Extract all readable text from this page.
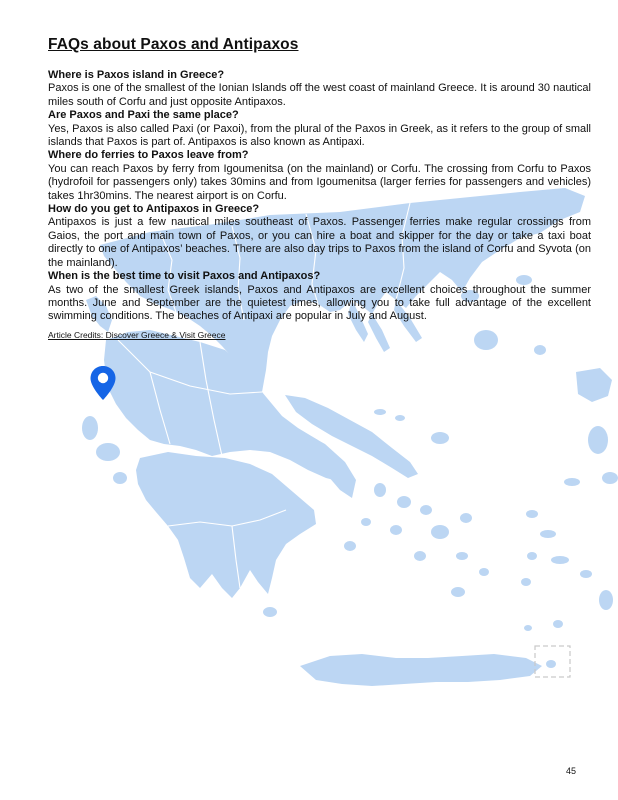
FAQs about Paxos and Antipaxos

Where is Paxos island in Greece?

Paxos is one of the smallest of the Ionian Islands off the west coast of mainland Greece. It is around 30 nautical miles south of Corfu and just opposite Antipaxos.

Are Paxos and Paxi the same place?

Yes, Paxos is also called Paxi (or Paxoi), from the plural of the Paxos in Greek, as it refers to the group of small islands that Paxos is part of. Antipaxos is also known as Antipaxi.

Where do ferries to Paxos leave from?

You can reach Paxos by ferry from Igoumenitsa (on the mainland) or Corfu. The crossing from Corfu to Paxos (hydrofoil for passengers only) takes 30mins and from Igoumenitsa (larger ferries for passengers and vehicles) takes 1hr30mins. The nearest airport is on Corfu.

How do you get to Antipaxos in Greece?

Antipaxos is just a few nautical miles southeast of Paxos. Passenger ferries make regular crossings from Gaios, the port and main town of Paxos, or you can hire a boat and skipper for the day or take a taxi boat directly to one of Antipaxos’ beaches. There are also day trips to Paxos from the island of Corfu and Syvota (on the mainland).

When is the best time to visit Paxos and Antipaxos?

As two of the smallest Greek islands, Paxos and Antipaxos are excellent choices throughout the summer months. June and September are the quietest times, allowing you to take full advantage of the excellent swimming conditions. The beaches of Antipaxi are popular in July and August.

Article Credits: Discover Greece & Visit Greece
45
